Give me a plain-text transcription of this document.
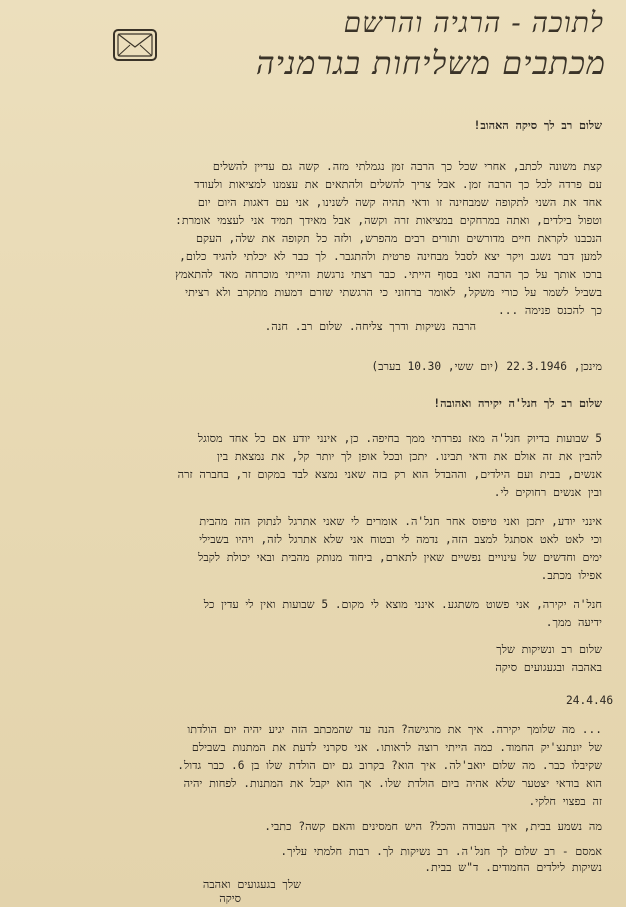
לתוכה - הרגיה והרשם
מכתבים משליחות בגרמניה
שלום רב לך סיקה האהוב!
קצת משונה לכתב, אחרי שכל כך הרבה זמן נגמלתי מזה. קשה גם עדיין להשלים
עם פרדה לכל כך הרבה זמן. אבל צריך להשלים ולהתאים את עצמנו למציאות ולעודד
אחד את השני לתקופה שמבחינה זו ודאי תהיה קשה לשנינו, אני עם דאגות היום יום
וטפול בילדים, ואתה במרחקים במציאות זרה וקשה, אבל מאידך תמיד אני לעצמי אומרת:
הנכבנו לקראת חיים מדורשים ותורים רבים מהפרש, ולזה כל תקופה את שלה, העקם
למען דבר נשגב ויקר יצא לסבל מבחינה פרטית ולהתגבר. לך כבר לא יכלתי להגיד כלום,
ברכו אותך על כך הרבה ואני בסוף הייתי. כבר רצתי נרגשת והייתי מוכרחה מאד להתאמץ
בשביל לשמר על כורי משקל, לאומר ברחוני כי הרגשתי שזרם דמעות מתקרב ולא רציתי
כך להכנס פנימה ...
הרבה נשיקות ודרך צליחה. שלום רב. חנה.
מינכן, 22.3.1946 (יום ששי, 10.30 בערב)
שלום רב לך חנל'ה יקירה ואהובה!
5 שבועות בדיוק חנל'ה מאז נפרדתי ממך בחיפה. כן, אינני יודע אם כל אחד מסוגל
להבין את זה אולם את ודאי תבינו. יתכן ובכל אופן לך יותר קל, את נמצאת בין
אנשים, בבית ועם הילדים, וההבדל הוא רק בזה שאני נמצא לבד במקום זר, בחברה זרה
ובין אנשים רחוקים לי.
אינני יודע, יתכן ואני טיפוס אחר חנל'ה. אומרים לי שאני אתרגל לנתוק הזה מהבית
וכי לאט לאט אסתגל למצב הזה, נדמה לי ובטוח אני שלא אתרגל לזה, ויהיו בשבילי
ימים וחדשים של עינויים נפשיים שאין לתארם, ביחוד מנותק מהבית ובאי יכולת לקבל
אפילו מכתב.
חנל'ה יקירה, אני פשוט משתגע. אינני מוצא לי מקום. 5 שבועות ואין לי עדין כל
ידיעה ממך.
שלום רב ונשיקות שלך
באהבה ובגעגועים סיקה
24.4.46
... מה שלומך יקירה. איך את מרגישה? הנה עד שהמכתב הזה יגיע יהיה יום הולדתו
של יונתנצ'יק החמוד. כמה הייתי רוצה לראותו. אני סקרני לדעת את המתנות בשבילם
שקיבלו כבר. מה שלום יואב'לה. איך הוא? בקרוב גם יום הולדת שלו בן 6. כבר גדול.
הוא בודאי יצטער שלא אהיה ביום הולדת שלו. אך הוא יקבל את המתנות. לפחות יהיה
זה בפצוי חלקי.
מה נשמע בבית, איך העבודה והכל? היש חמסינים והאם קשה? כתבי.
אמסם - רב שלום לך חנל'ה. רב נשיקות לך. רבות חלמתי עליך.
נשיקות לילדים החמודים. ד"ש בבית.
שלך בגעגועים ואהבה
סיקה
